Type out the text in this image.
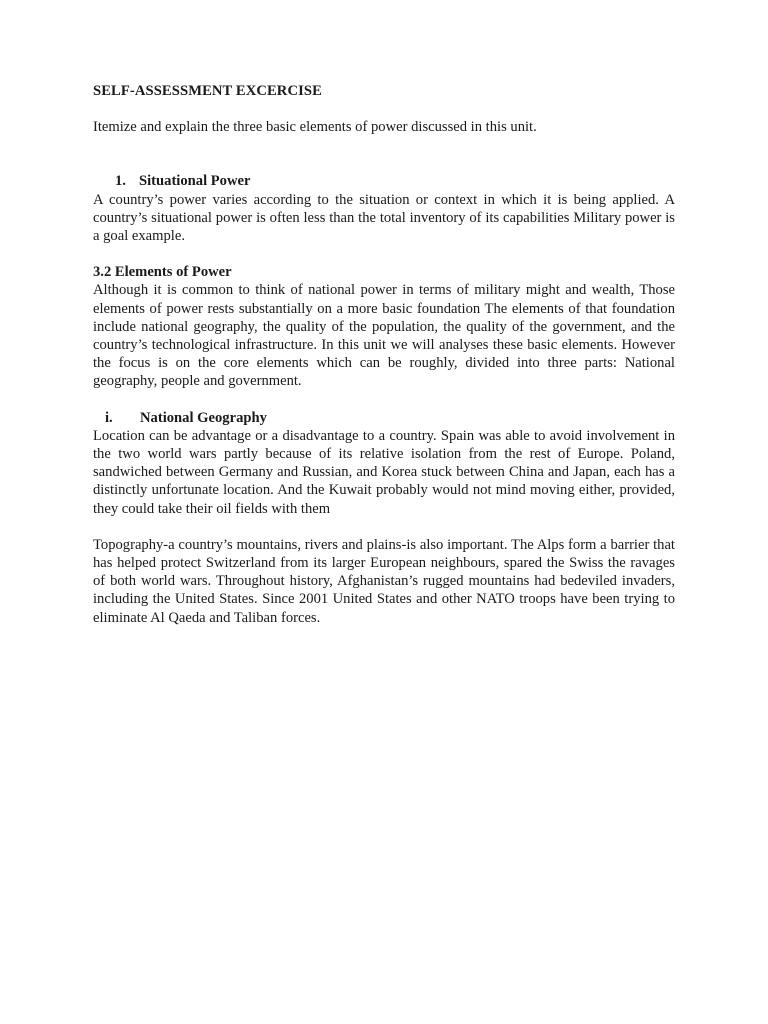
SELF-ASSESSMENT EXCERCISE

Itemize and explain the three basic elements of power discussed in this unit.

1. Situational Power

A country’s power varies according to the situation or context in which it is being applied. A country’s situational power is often less than the total inventory of its capabilities Military power is a goal example.

3.2 Elements of Power

Although it is common to think of national power in terms of military might and wealth, Those elements of power rests substantially on a more basic foundation The elements of that foundation include national geography, the quality of the population, the quality of the government, and the country’s technological infrastructure. In this unit we will analyses these basic elements. However the focus is on the core elements which can be roughly, divided into three parts: National geography, people and government.

i.	National Geography

Location can be advantage or a disadvantage to a country. Spain was able to avoid involvement in the two world wars partly because of its relative isolation from the rest of Europe. Poland, sandwiched between Germany and Russian, and Korea stuck between China and Japan, each has a distinctly unfortunate location. And the Kuwait probably would not mind moving either, provided, they could take their oil fields with them

Topography-a country’s mountains, rivers and plains-is also important. The Alps form a barrier that has helped protect Switzerland from its larger European neighbours, spared the Swiss the ravages of both world wars. Throughout history, Afghanistan’s rugged mountains had bedeviled invaders, including the United States. Since 2001 United States and other NATO troops have been trying to eliminate Al Qaeda and Taliban forces.
